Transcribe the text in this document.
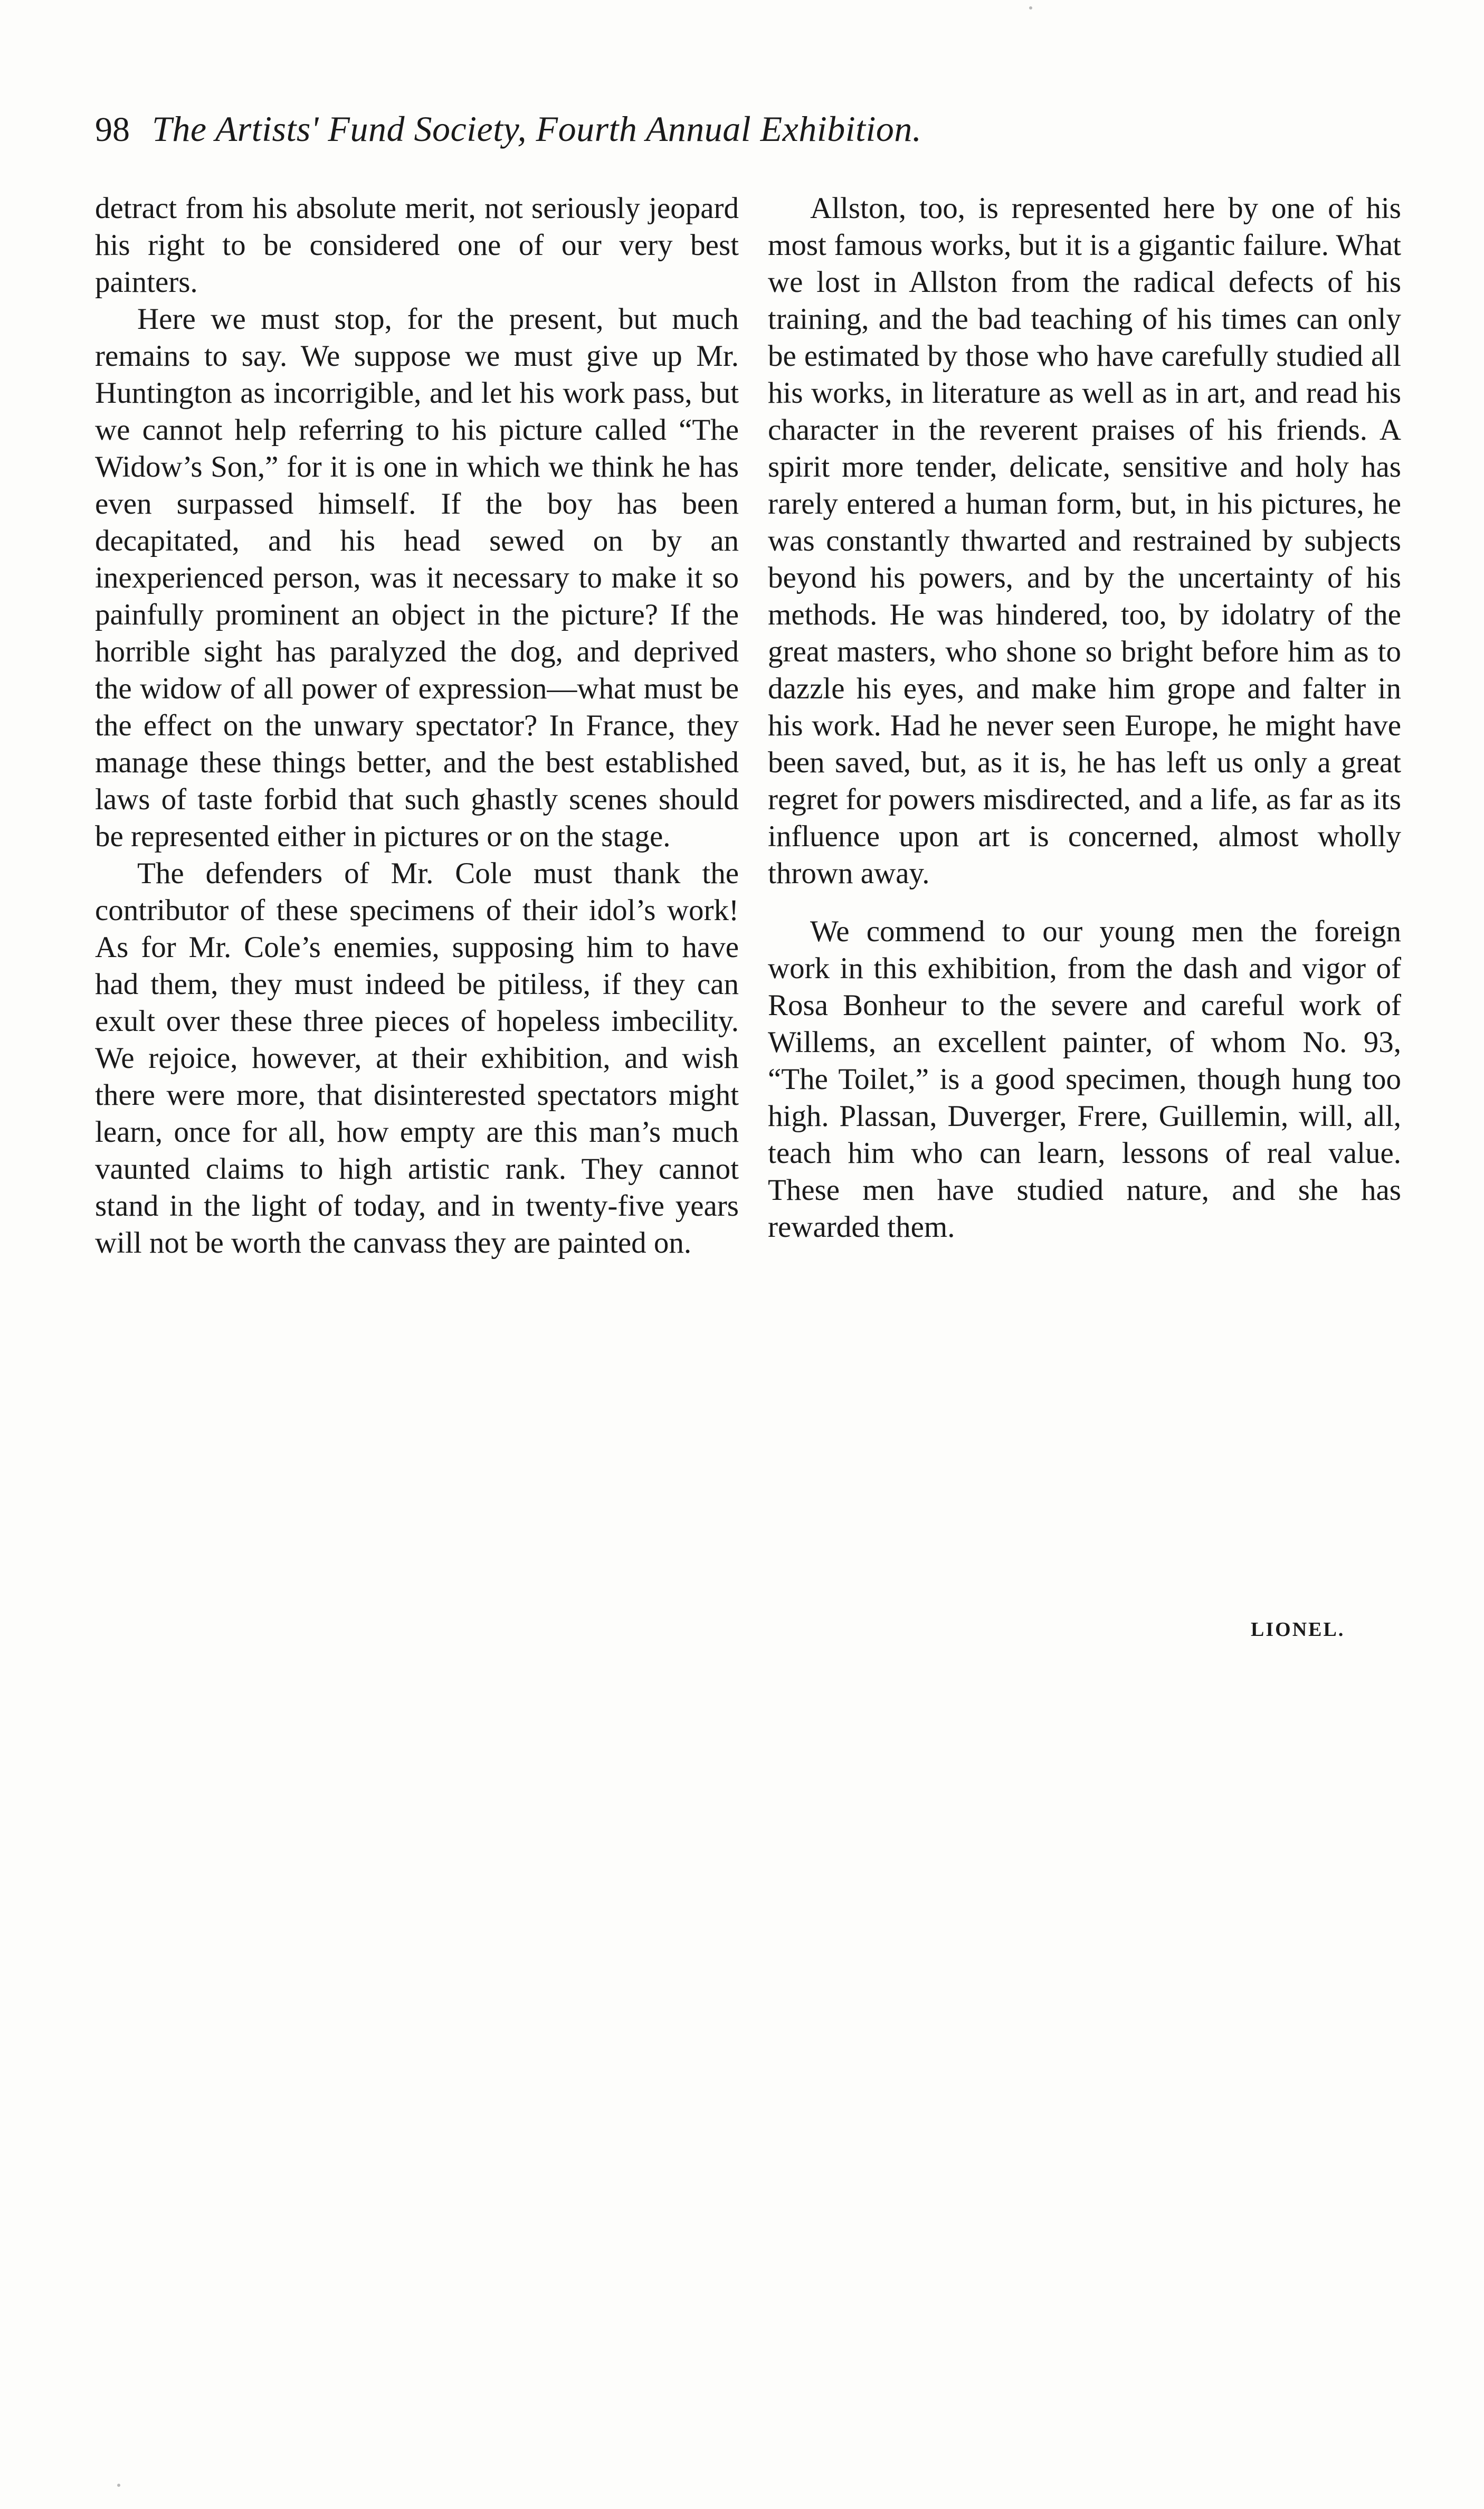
98 The Artists' Fund Society, Fourth Annual Exhibition.

detract from his absolute merit, not seriously jeopard his right to be considered one of our very best painters.

Here we must stop, for the present, but much remains to say. We suppose we must give up Mr. Huntington as incorrigible, and let his work pass, but we cannot help referring to his picture called “The Widow’s Son,” for it is one in which we think he has even surpassed himself. If the boy has been decapitated, and his head sewed on by an inexperienced person, was it necessary to make it so painfully prominent an object in the picture? If the horrible sight has paralyzed the dog, and deprived the widow of all power of expression—what must be the effect on the unwary spectator? In France, they manage these things better, and the best established laws of taste forbid that such ghastly scenes should be represented either in pictures or on the stage.

The defenders of Mr. Cole must thank the contributor of these specimens of their idol’s work! As for Mr. Cole’s enemies, supposing him to have had them, they must indeed be pitiless, if they can exult over these three pieces of hopeless imbecility. We rejoice, however, at their exhibition, and wish there were more, that disinterested spectators might learn, once for all, how empty are this man’s much vaunted claims to high artistic rank. They cannot stand in the light of today, and in twenty-five years will not be worth the canvass they are painted on.

Allston, too, is represented here by one of his most famous works, but it is a gigantic failure. What we lost in Allston from the radical defects of his training, and the bad teaching of his times can only be estimated by those who have carefully studied all his works, in literature as well as in art, and read his character in the reverent praises of his friends. A spirit more tender, delicate, sensitive and holy has rarely entered a human form, but, in his pictures, he was constantly thwarted and restrained by subjects beyond his powers, and by the uncertainty of his methods. He was hindered, too, by idolatry of the great masters, who shone so bright before him as to dazzle his eyes, and make him grope and falter in his work. Had he never seen Europe, he might have been saved, but, as it is, he has left us only a great regret for powers misdirected, and a life, as far as its influence upon art is concerned, almost wholly thrown away.

We commend to our young men the foreign work in this exhibition, from the dash and vigor of Rosa Bonheur to the severe and careful work of Willems, an excellent painter, of whom No. 93, “The Toilet,” is a good specimen, though hung too high. Plassan, Duverger, Frere, Guillemin, will, all, teach him who can learn, lessons of real value. These men have studied nature, and she has rewarded them.

LIONEL.
